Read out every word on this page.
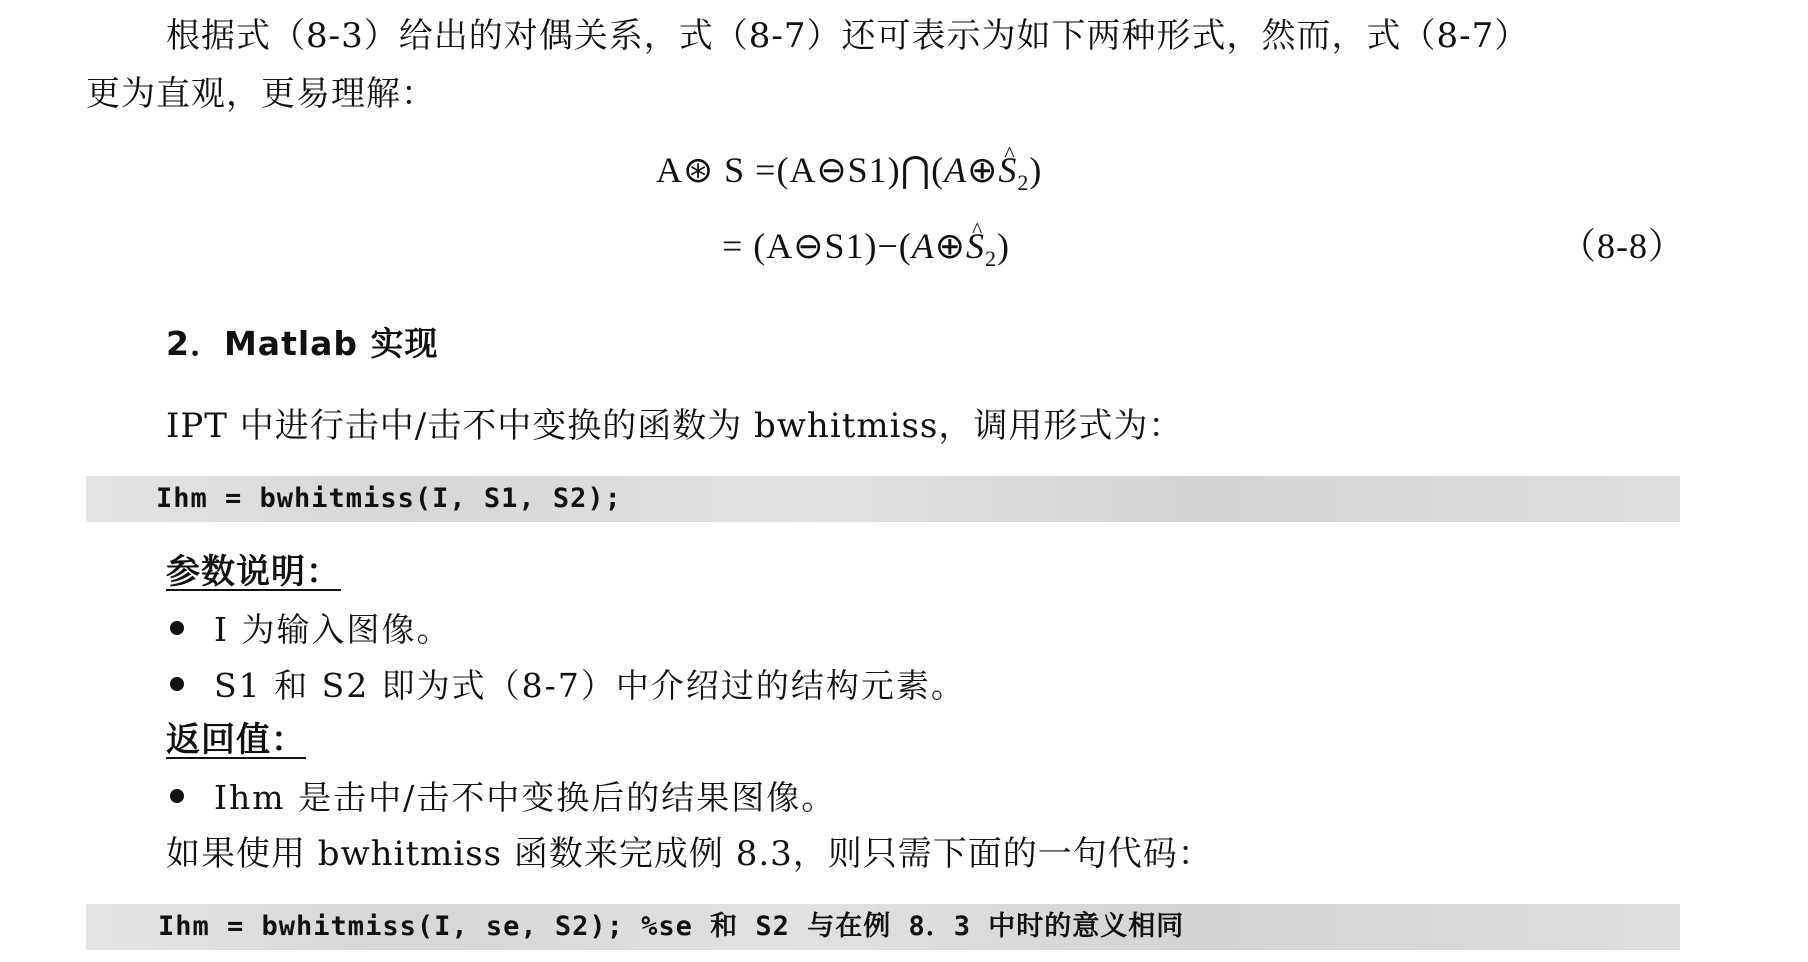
根据式（8-3）给出的对偶关系，式（8-7）还可表示为如下两种形式，然而，式（8-7）
更为直观，更易理解：
A⊛ S =(A⊖S1)⋂(A⊕^ $S_2$)
= (A⊖S1)−(A⊕^ $S_2$)	（8-8）
2．Matlab 实现
IPT 中进行击中/击不中变换的函数为 bwhitmiss，调用形式为：
Ihm = bwhitmiss(I, S1, S2);
参数说明：
I 为输入图像。
S1 和 S2 即为式（8-7）中介绍过的结构元素。
返回值：
Ihm 是击中/击不中变换后的结果图像。
如果使用 bwhitmiss 函数来完成例 8.3，则只需下面的一句代码：
Ihm = bwhitmiss(I, se, S2); %se 和 S2 与在例 8．3 中时的意义相同
